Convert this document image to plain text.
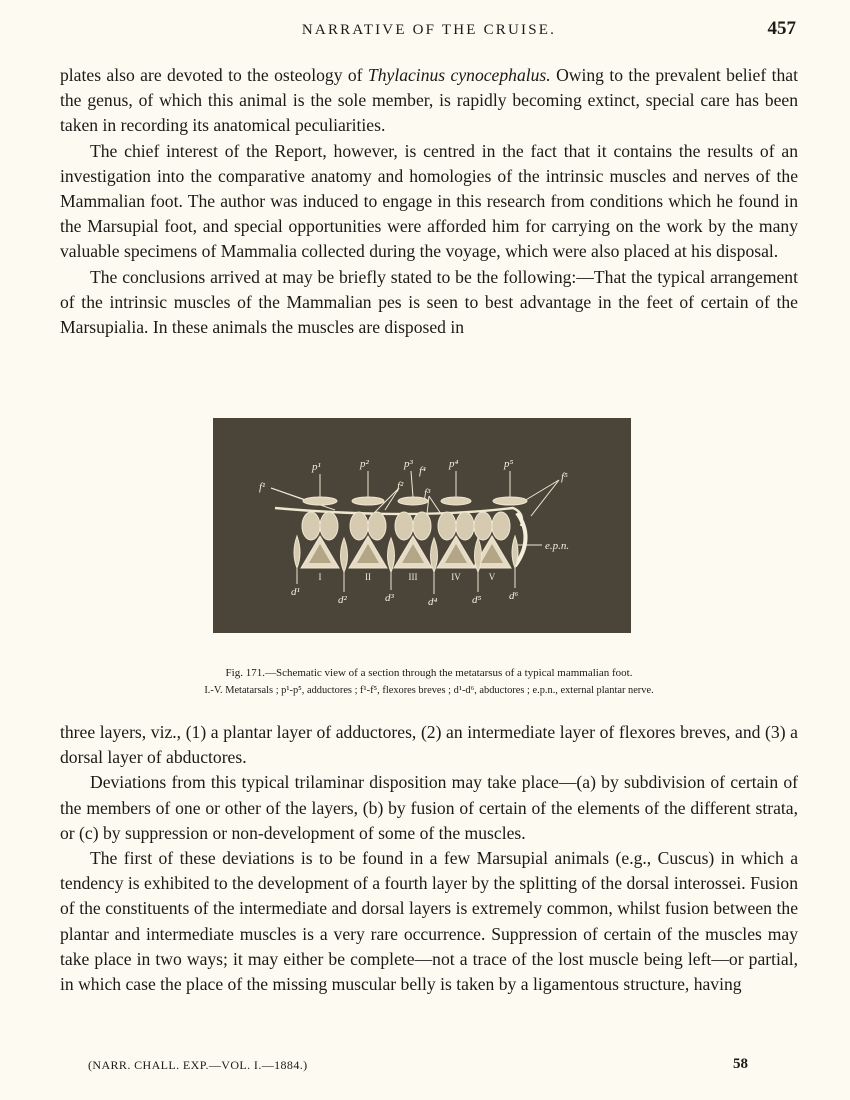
NARRATIVE OF THE CRUISE.	457

plates also are devoted to the osteology of Thylacinus cynocephalus. Owing to the prevalent belief that the genus, of which this animal is the sole member, is rapidly becoming extinct, special care has been taken in recording its anatomical peculiarities.

The chief interest of the Report, however, is centred in the fact that it contains the results of an investigation into the comparative anatomy and homologies of the intrinsic muscles and nerves of the Mammalian foot. The author was induced to engage in this research from conditions which he found in the Marsupial foot, and special opportunities were afforded him for carrying on the work by the many valuable specimens of Mammalia collected during the voyage, which were also placed at his disposal.

The conclusions arrived at may be briefly stated to be the following:—That the typical arrangement of the intrinsic muscles of the Mammalian pes is seen to best advantage in the feet of certain of the Marsupialia. In these animals the muscles are disposed in

p¹	p²	p³	p⁴	p⁵
f¹	f²
f³
f⁴	f⁵
e.p.n.
d¹
d²	d³	d⁴	d⁵	d⁶
I	II	III	IV	V
Fig. 171.—Schematic view of a section through the metatarsus of a typical mammalian foot.
I.-V. Metatarsals ; p¹-p⁵, adductores ; f¹-f⁵, flexores breves ; d¹-d⁶, abductores ; e.p.n., external plantar nerve.

three layers, viz., (1) a plantar layer of adductores, (2) an intermediate layer of flexores breves, and (3) a dorsal layer of abductores.

Deviations from this typical trilaminar disposition may take place—(a) by subdivision of certain of the members of one or other of the layers, (b) by fusion of certain of the elements of the different strata, or (c) by suppression or non-development of some of the muscles.

The first of these deviations is to be found in a few Marsupial animals (e.g., Cuscus) in which a tendency is exhibited to the development of a fourth layer by the splitting of the dorsal interossei. Fusion of the constituents of the intermediate and dorsal layers is extremely common, whilst fusion between the plantar and intermediate muscles is a very rare occurrence. Suppression of certain of the muscles may take place in two ways; it may either be complete—not a trace of the lost muscle being left—or partial, in which case the place of the missing muscular belly is taken by a ligamentous structure, having

(NARR. CHALL. EXP.—VOL. I.—1884.)	58
